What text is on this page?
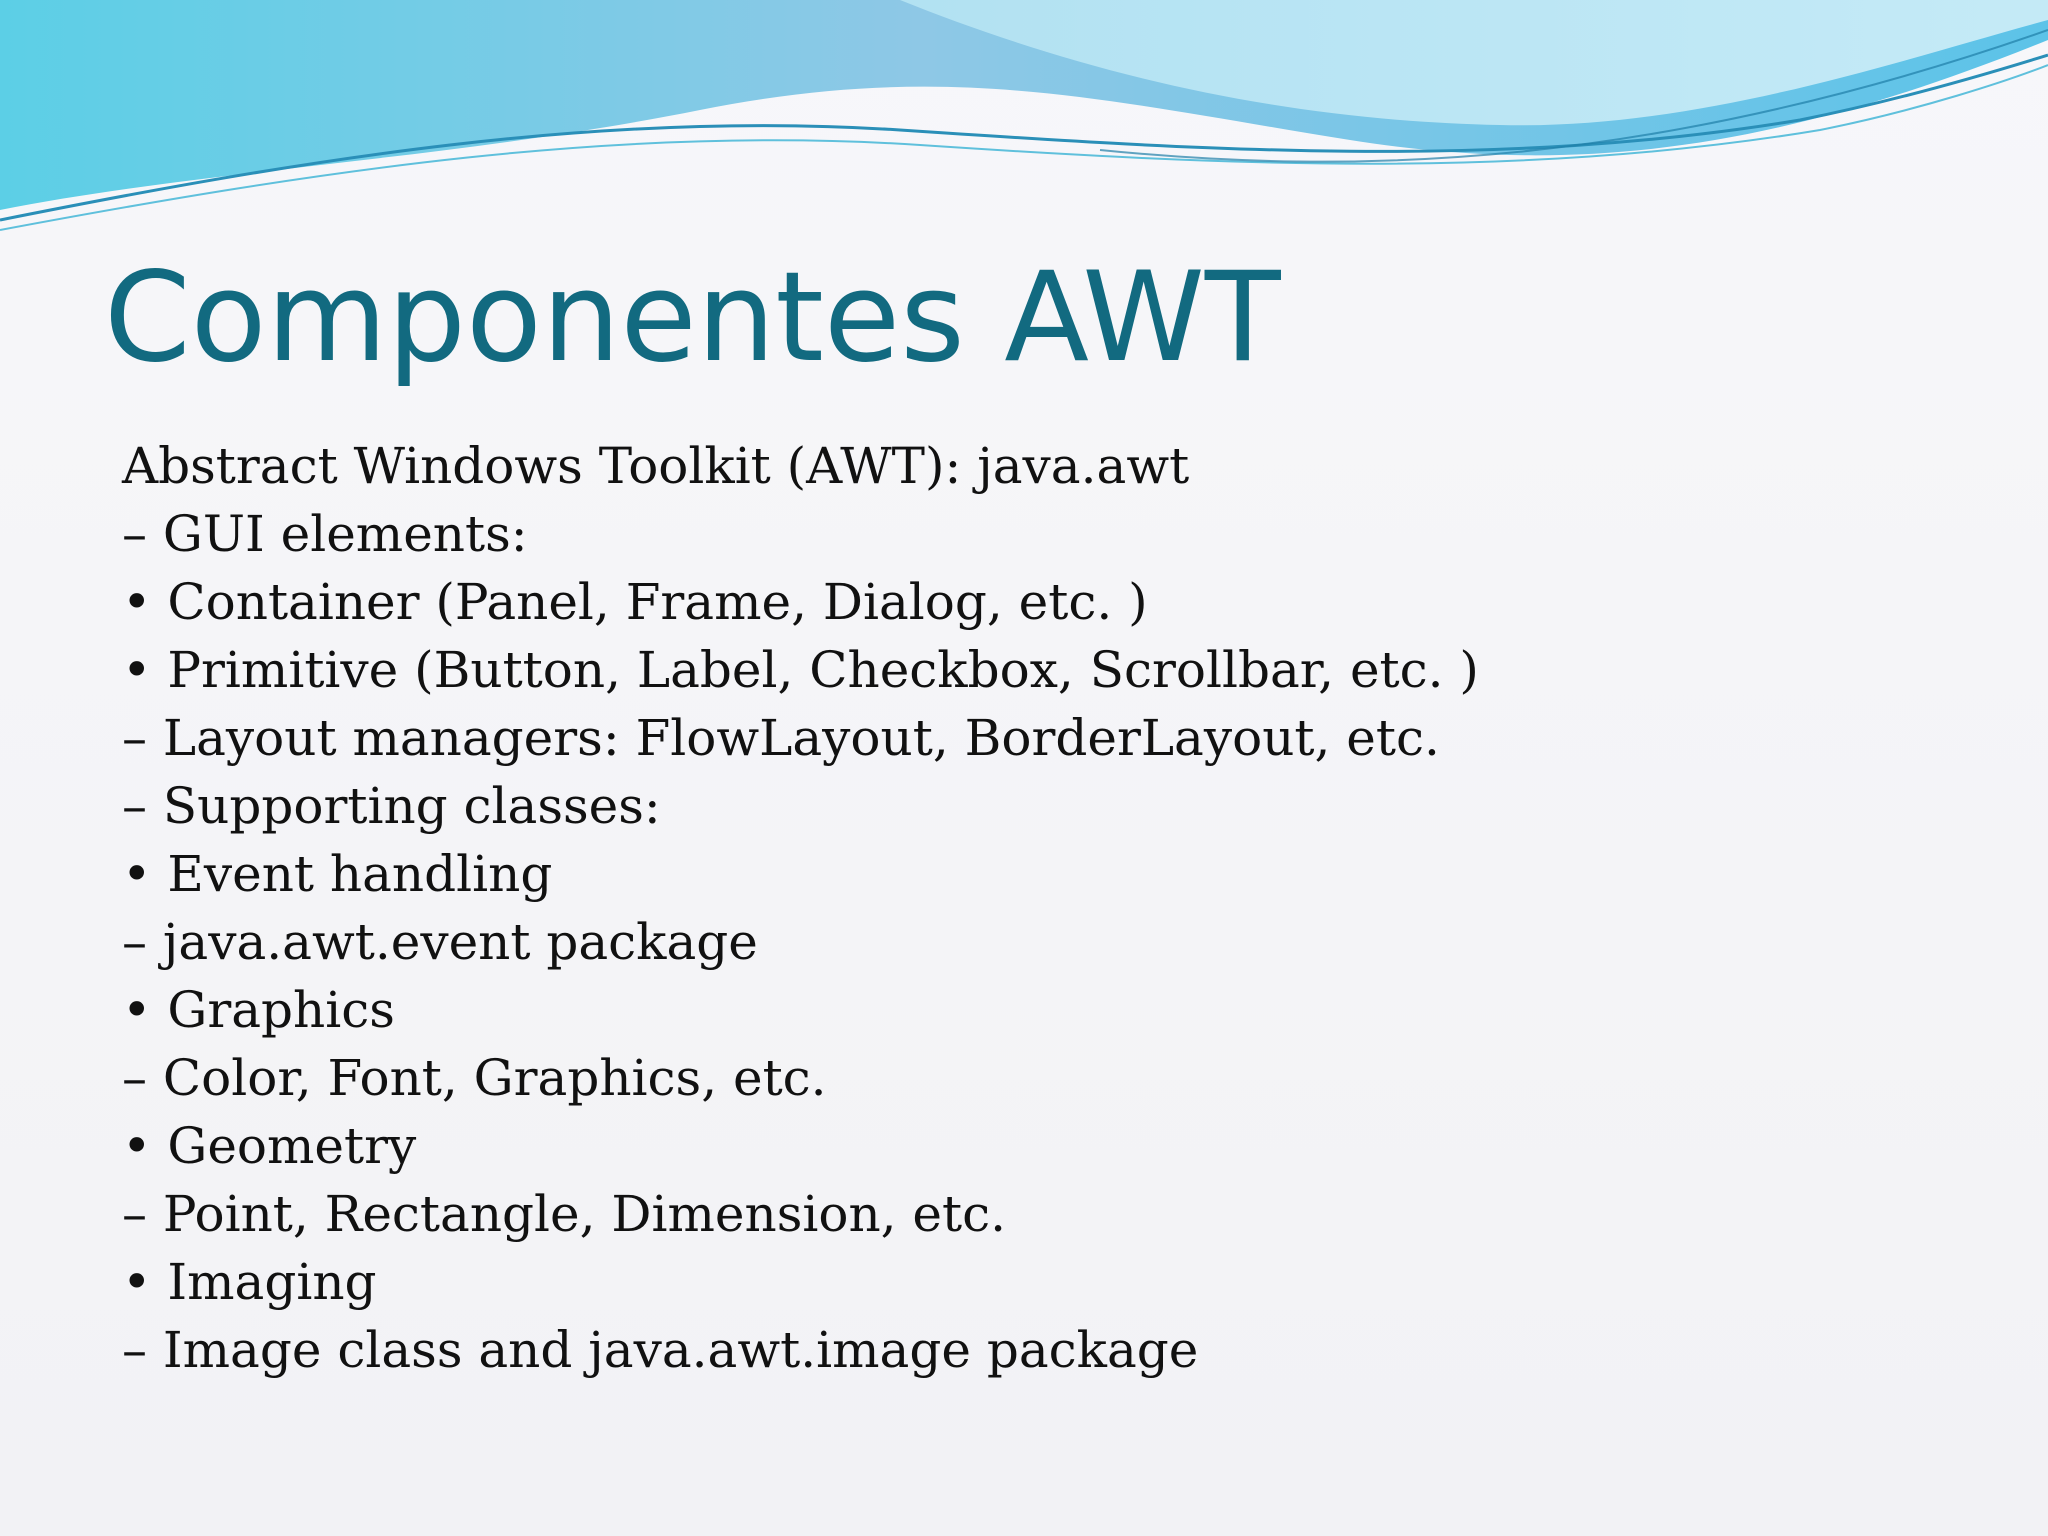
Componentes AWT
Abstract Windows Toolkit (AWT): java.awt
– GUI elements:
• Container (Panel, Frame, Dialog, etc. )
• Primitive (Button, Label, Checkbox, Scrollbar, etc. )
– Layout managers: FlowLayout, BorderLayout, etc.
– Supporting classes:
• Event handling
– java.awt.event package
• Graphics
– Color, Font, Graphics, etc.
• Geometry
– Point, Rectangle, Dimension, etc.
• Imaging
– Image class and java.awt.image package
